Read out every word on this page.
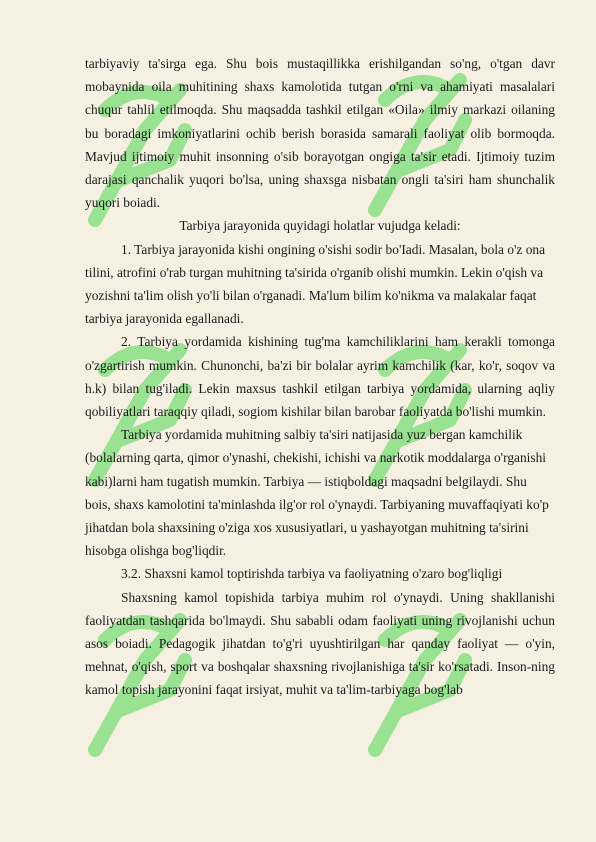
tarbiyaviy ta'sirga ega. Shu bois mustaqillikka erishilgandan so'ng, o'tgan davr mobaynida oila muhitining shaxs kamolotida tutgan o'rni va ahamiyati masalalari chuqur tahlil etilmoqda. Shu maqsadda tashkil etilgan «Oila» ilmiy markazi oilaning bu boradagi imkoniyatlarini ochib berish borasida samarali faoliyat olib bormoqda. Mavjud ijtimoiy muhit insonning o'sib borayotgan ongiga ta'sir etadi. Ijtimoiy tuzim darajasi qanchalik yuqori bo'lsa, uning shaxsga nisbatan ongli ta'siri ham shunchalik yuqori boiadi.

Tarbiya jarayonida quyidagi holatlar vujudga keladi:

1. Tarbiya jarayonida kishi ongining o'sishi sodir bo'Iadi. Masalan, bola o'z ona tilini, atrofini o'rab turgan muhitning ta'sirida o'rganib olishi mumkin. Lekin o'qish va yozishni ta'lim olish yo'li bilan o'rganadi. Ma'lum bilim ko'nikma va malakalar faqat tarbiya jarayonida egallanadi.

2. Tarbiya yordamida kishining tug'ma kamchiliklarini ham kerakli tomonga o'zgartirish mumkin. Chunonchi, ba'zi bir bolalar ayrim kamchilik (kar, ko'r, soqov va h.k) bilan tug'iladi. Lekin maxsus tashkil etilgan tarbiya yordamida, ularning aqliy qobiliyatlari taraqqiy qiladi, sogiom kishilar bilan barobar faoliyatda bo'lishi mumkin.

Tarbiya yordamida muhitning salbiy ta'siri natijasida yuz bergan kamchilik (bolalarning qarta, qimor o'ynashi, chekishi, ichishi va narkotik moddalarga o'rganishi kabi)larni ham tugatish mumkin. Tarbiya — istiqboldagi maqsadni belgilaydi. Shu bois, shaxs kamolotini ta'minlashda ilg'or rol o'ynaydi. Tarbiyaning muvaffaqiyati ko'p jihatdan bola shaxsining o'ziga xos xususiyatlari, u yashayotgan muhitning ta'sirini hisobga olishga bog'liqdir.

3.2. Shaxsni kamol toptirishda tarbiya va faoliyatning o'zaro bog'liqligi

Shaxsning kamol topishida tarbiya muhim rol o'ynaydi. Uning shakllanishi faoliyatdan tashqarida bo'lmaydi. Shu sababli odam faoliyati uning rivojlanishi uchun asos boiadi. Pedagogik jihatdan to'g'ri uyushtirilgan har qanday faoliyat — o'yin, mehnat, o'qish, sport va boshqalar shaxsning rivojlanishiga ta'sir ko'rsatadi. Inson-ning kamol topish jarayonini faqat irsiyat, muhit va ta'lim-tarbiyaga bog'lab
